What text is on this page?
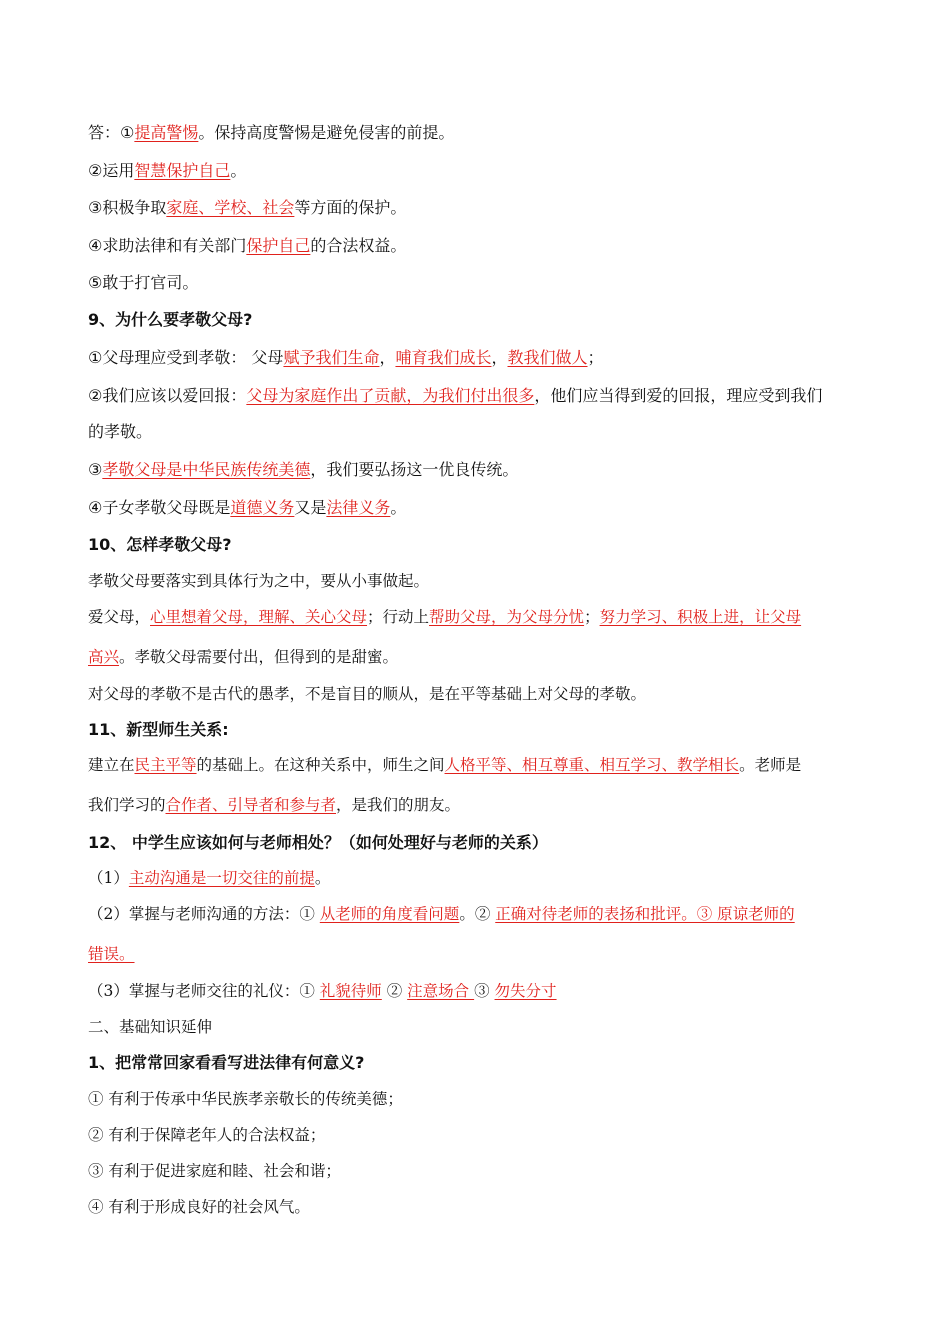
答：①提高警惕。保持高度警惕是避免侵害的前提。
②运用智慧保护自己。
③积极争取家庭、学校、社会等方面的保护。
④求助法律和有关部门保护自己的合法权益。
⑤敢于打官司。
9、为什么要孝敬父母?
①父母理应受到孝敬： 父母赋予我们生命，哺育我们成长，教我们做人；
②我们应该以爱回报：父母为家庭作出了贡献，为我们付出很多，他们应当得到爱的回报，理应受到我们
的孝敬。
③孝敬父母是中华民族传统美德，我们要弘扬这一优良传统。
④子女孝敬父母既是道德义务又是法律义务。
10、怎样孝敬父母?
孝敬父母要落实到具体行为之中，要从小事做起。
爱父母，心里想着父母，理解、关心父母；行动上帮助父母，为父母分忧；努力学习、积极上进，让父母
高兴。孝敬父母需要付出，但得到的是甜蜜。
对父母的孝敬不是古代的愚孝，不是盲目的顺从，是在平等基础上对父母的孝敬。
11、新型师生关系:
建立在民主平等的基础上。在这种关系中，师生之间人格平等、相互尊重、相互学习、教学相长。老师是
我们学习的合作者、引导者和参与者，是我们的朋友。
12、 中学生应该如何与老师相处？（如何处理好与老师的关系）
（1）主动沟通是一切交往的前提。
（2）掌握与老师沟通的方法：① 从老师的角度看问题。② 正确对待老师的表扬和批评。③ 原谅老师的
错误。
（3）掌握与老师交往的礼仪：① 礼貌待师 ② 注意场合 ③ 勿失分寸
二、基础知识延伸
1、把常常回家看看写进法律有何意义?
① 有利于传承中华民族孝亲敬长的传统美德；
② 有利于保障老年人的合法权益；
③ 有利于促进家庭和睦、社会和谐；
④ 有利于形成良好的社会风气。
